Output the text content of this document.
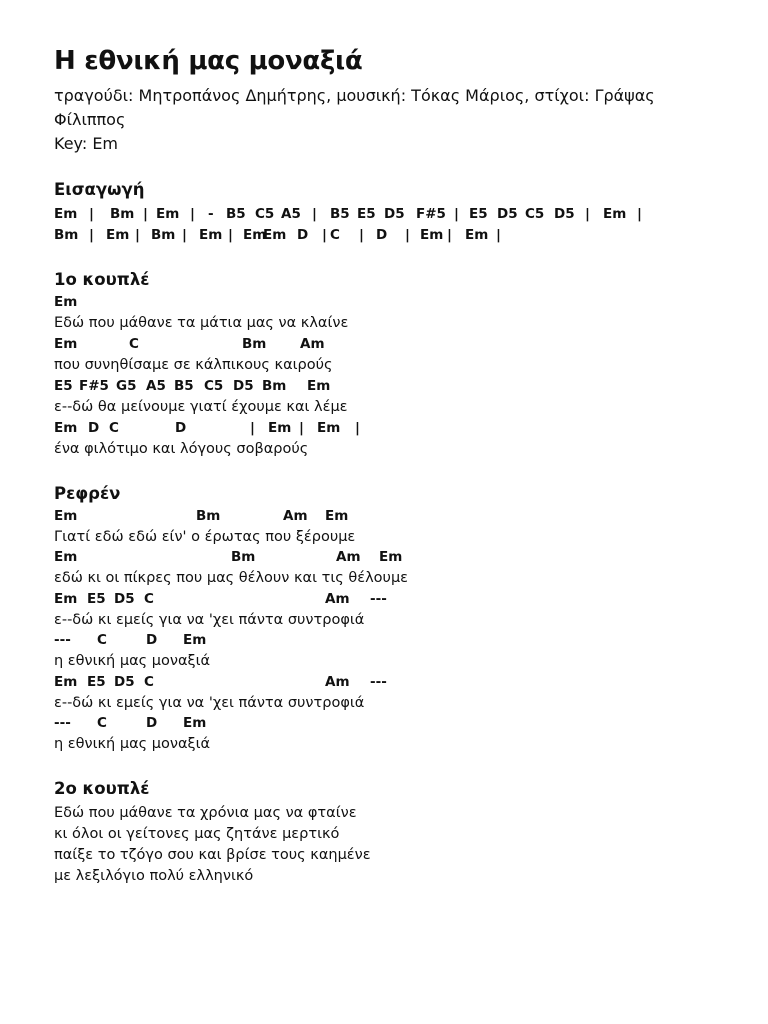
Η εθνική μας μοναξιά
τραγούδι: Μητροπάνος Δημήτρης, μουσική: Τόκας Μάριος, στίχοι: Γράψας
Φίλιππος
Key: Em
Εισαγωγή
Em | Bm | Em | - B5 C5 A5 | B5 E5 D5 F#5 | E5 D5 C5 D5 | Em |
Bm | Em | Bm | Em | Em
Em D | C | D | Em | Em |
1ο κουπλέ
Em
Εδώ που μάθανε τα μάτια μας να κλαίνε
Em	C	Bm Am
που συνηθίσαμε σε κάλπικους καιρούς
E5 F#5 G5 A5 B5 C5 D5 Bm Em
ε--δώ θα μείνουμε γιατί έχουμε και λέμε
Em D C	D	| Em | Em |
ένα φιλότιμο και λόγους σοβαρούς
Ρεφρέν
Em	Bm	Am Em
Γιατί εδώ εδώ είν' ο έρωτας που ξέρουμε
Em	Bm	Am Em
εδώ κι οι πίκρες που μας θέλουν και τις θέλουμε
Em E5 D5 C	Am ---
ε--δώ κι εμείς για να 'χει πάντα συντροφιά
--- C	D Em
η εθνική μας μοναξιά
Em E5 D5 C	Am ---
ε--δώ κι εμείς για να 'χει πάντα συντροφιά
--- C	D Em
η εθνική μας μοναξιά
2ο κουπλέ
Εδώ που μάθανε τα χρόνια μας να φταίνε
κι όλοι οι γείτονες μας ζητάνε μερτικό
παίξε το τζόγο σου και βρίσε τους καημένε
με λεξιλόγιο πολύ ελληνικό
